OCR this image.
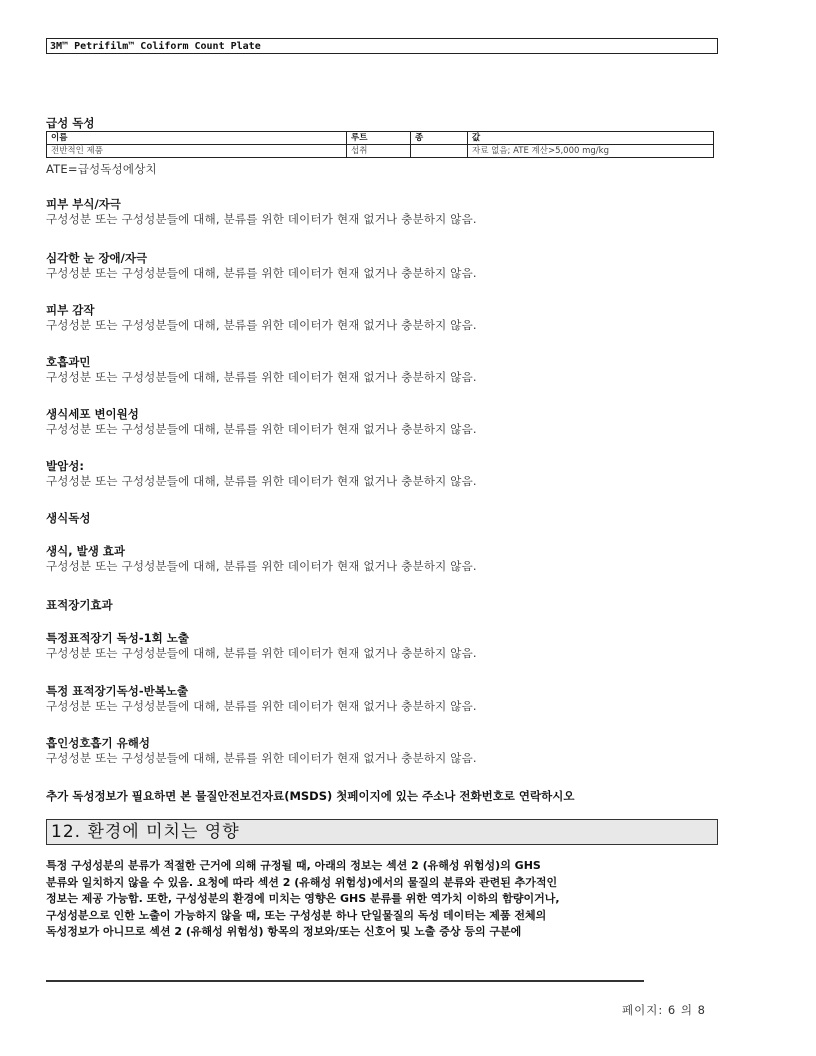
3M™ Petrifilm™ Coliform Count Plate
급성 독성
이름	루트	종	값
전반적인 제품	섭취		자료 없음; ATE 계산>5,000 mg/kg
ATE=급성독성에상치
피부 부식/자극
구성성분 또는 구성성분들에 대해, 분류를 위한 데이터가 현재 없거나 충분하지 않음.
심각한 눈 장애/자극
구성성분 또는 구성성분들에 대해, 분류를 위한 데이터가 현재 없거나 충분하지 않음.
피부 감작
구성성분 또는 구성성분들에 대해, 분류를 위한 데이터가 현재 없거나 충분하지 않음.
호흡과민
구성성분 또는 구성성분들에 대해, 분류를 위한 데이터가 현재 없거나 충분하지 않음.
생식세포 변이원성
구성성분 또는 구성성분들에 대해, 분류를 위한 데이터가 현재 없거나 충분하지 않음.
발암성:
구성성분 또는 구성성분들에 대해, 분류를 위한 데이터가 현재 없거나 충분하지 않음.
생식독성
생식, 발생 효과
구성성분 또는 구성성분들에 대해, 분류를 위한 데이터가 현재 없거나 충분하지 않음.
표적장기효과
특정표적장기 독성-1회 노출
구성성분 또는 구성성분들에 대해, 분류를 위한 데이터가 현재 없거나 충분하지 않음.
특정 표적장기독성-반복노출
구성성분 또는 구성성분들에 대해, 분류를 위한 데이터가 현재 없거나 충분하지 않음.
흡인성호흡기 유해성
구성성분 또는 구성성분들에 대해, 분류를 위한 데이터가 현재 없거나 충분하지 않음.
추가 독성정보가 필요하면 본 물질안전보건자료(MSDS) 첫페이지에 있는 주소나 전화번호로 연락하시오
12. 환경에 미치는 영향
특정 구성성분의 분류가 적절한 근거에 의해 규정될 때, 아래의 정보는 섹션 2 (유해성 위험성)의 GHS
분류와 일치하지 않을 수 있음. 요청에 따라 섹션 2 (유해성 위험성)에서의 물질의 분류와 관련된 추가적인
정보는 제공 가능함. 또한, 구성성분의 환경에 미치는 영향은 GHS 분류를 위한 역가치 이하의 함량이거나,
구성성분으로 인한 노출이 가능하지 않을 때, 또는 구성성분 하나 단일물질의 독성 데이터는 제품 전체의
독성정보가 아니므로 섹션 2 (유해성 위험성) 항목의 정보와/또는 신호어 및 노출 증상 등의 구분에
페이지: 6 의 8
